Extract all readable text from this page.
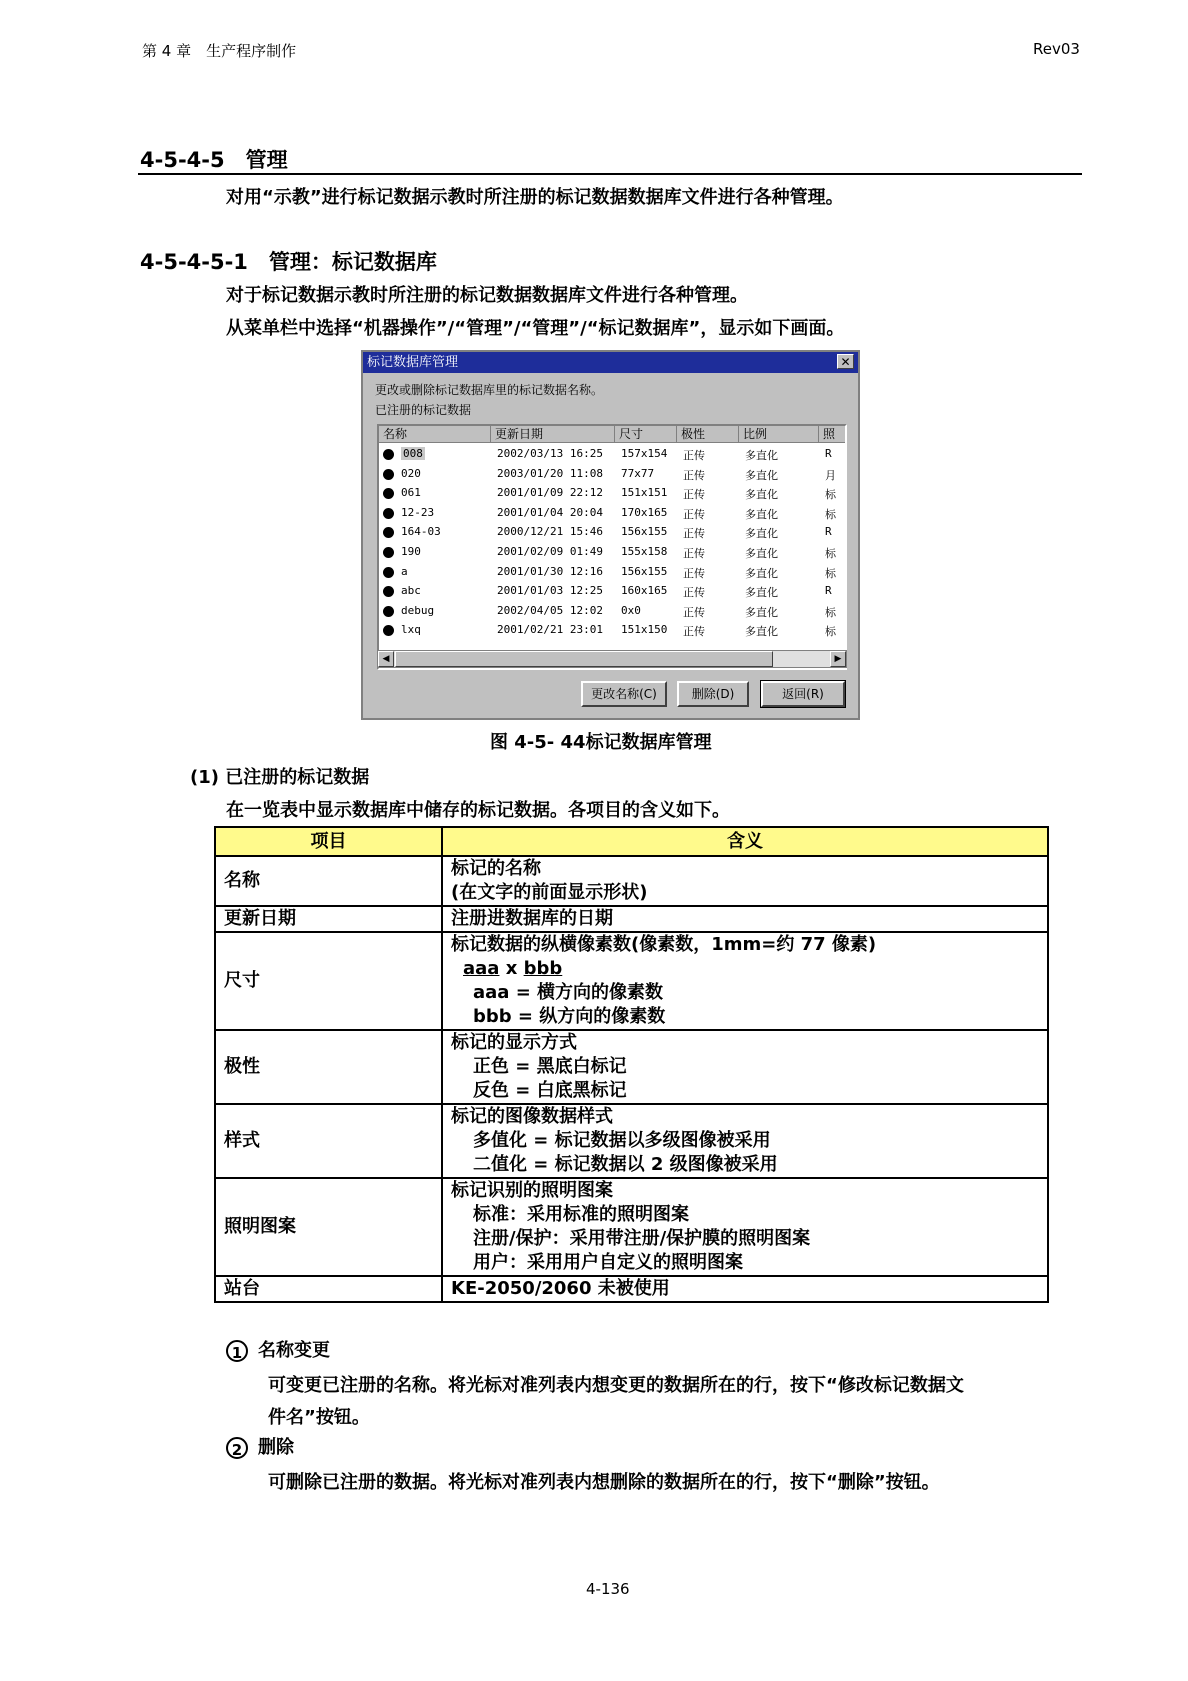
第 4 章　生产程序制作	Rev03
4-5-4-5　管理
对用“示教”进行标记数据示教时所注册的标记数据数据库文件进行各种管理。
4-5-4-5-1　管理：标记数据库
对于标记数据示教时所注册的标记数据数据库文件进行各种管理。
从菜单栏中选择“机器操作”/“管理”/“管理”/“标记数据库”，显示如下画面。
标记数据库管理	✕
更改或删除标记数据库里的标记数据名称。
已注册的标记数据
名称	更新日期	尺寸	极性	比例	照
008	2002/03/13 16:25 157x154 正传	多直化	R
020	2003/01/20 11:08 77x77	正传	多直化	月
061	2001/01/09 22:12 151x151 正传	多直化	标
12-23	2001/01/04 20:04 170x165 正传	多直化	标
164-03	2000/12/21 15:46 156x155 正传	多直化	R
190	2001/02/09 01:49 155x158 正传	多直化	标
a	2001/01/30 12:16 156x155 正传	多直化	标
abc	2001/01/03 12:25 160x165 正传	多直化	R
debug	2002/04/05 12:02 0x0	正传	多直化	标
lxq	2001/02/21 23:01 151x150 正传	多直化	标
◀	▶
更改名称(C)	删除(D)	返回(R)
图 4-5- 44标记数据库管理
(1) 已注册的标记数据
在一览表中显示数据库中储存的标记数据。各项目的含义如下。
项目	含义
名称	标记的名称
(在文字的前面显示形状)

更新日期	注册进数据库的日期

尺寸	标记数据的纵横像素数(像素数，1mm=约 77 像素)
aaa x bbb
aaa = 横方向的像素数
bbb = 纵方向的像素数

极性	标记的显示方式
正色 = 黑底白标记
反色 = 白底黑标记

样式	标记的图像数据样式
多值化 = 标记数据以多级图像被采用
二值化 = 标记数据以 2 级图像被采用

照明图案	标记识别的照明图案
标准：采用标准的照明图案
注册/保护：采用带注册/保护膜的照明图案
用户：采用用户自定义的照明图案

站台	KE-2050/2060 未被使用
1 名称变更
可变更已注册的名称。将光标对准列表内想变更的数据所在的行，按下“修改标记数据文
件名”按钮。
2 删除
可删除已注册的数据。将光标对准列表内想删除的数据所在的行，按下“删除”按钮。
4-136
